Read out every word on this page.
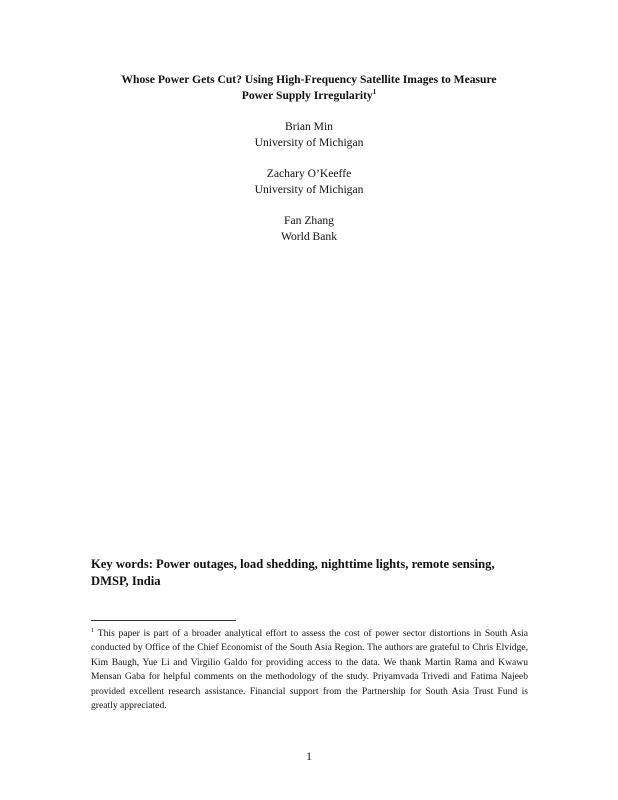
Whose Power Gets Cut? Using High-Frequency Satellite Images to Measure
Power Supply Irregularity$^1$
Brian Min
University of Michigan
Zachary O’Keeffe
University of Michigan
Fan Zhang
World Bank
Key words: Power outages, load shedding, nighttime lights, remote sensing,
DMSP, India
$^1$ This paper is part of a broader analytical effort to assess the cost of power sector distortions in South Asia conducted by Office of the Chief Economist of the South Asia Region. The authors are grateful to Chris Elvidge, Kim Baugh, Yue Li and Virgilio Galdo for providing access to the data. We thank Martin Rama and Kwawu Mensan Gaba for helpful comments on the methodology of the study. Priyamvada Trivedi and Fatima Najeeb provided excellent research assistance. Financial support from the Partnership for South Asia Trust Fund is greatly appreciated.
1
